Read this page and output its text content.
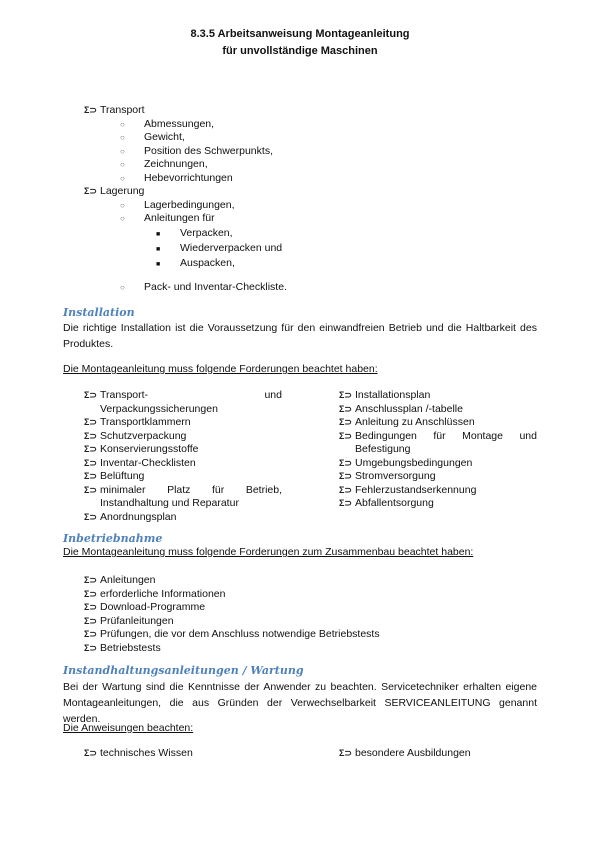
8.3.5 Arbeitsanweisung Montageanleitung
für unvollständige Maschinen
Σ⊃ Transport
○ Abmessungen,
○ Gewicht,
○ Position des Schwerpunkts,
○ Zeichnungen,
○ Hebevorrichtungen
Σ⊃ Lagerung
○ Lagerbedingungen,
○ Anleitungen für
■ Verpacken,
■ Wiederverpacken und
■ Auspacken,
○ Pack- und Inventar-Checkliste.
Installation
Die richtige Installation ist die Voraussetzung für den einwandfreien Betrieb und die Haltbarkeit des Produktes.
Die Montageanleitung muss folgende Forderungen beachtet haben:
Σ⊃ Transport-	und
Verpackungssicherungen
Σ⊃ Transportklammern
Σ⊃ Schutzverpackung
Σ⊃ Konservierungsstoffe
Σ⊃ Inventar-Checklisten
Σ⊃ Belüftung
Σ⊃ minimaler Platz für Betrieb,
Instandhaltung und Reparatur
Σ⊃ Anordnungsplan
Σ⊃ Installationsplan
Σ⊃ Anschlussplan /-tabelle
Σ⊃ Anleitung zu Anschlüssen
Σ⊃ Bedingungen für Montage und
Befestigung
Σ⊃ Umgebungsbedingungen
Σ⊃ Stromversorgung
Σ⊃ Fehlerzustandserkennung
Σ⊃ Abfallentsorgung
Inbetriebnahme
Die Montageanleitung muss folgende Forderungen zum Zusammenbau beachtet haben:
Σ⊃ Anleitungen
Σ⊃ erforderliche Informationen
Σ⊃ Download-Programme
Σ⊃ Prüfanleitungen
Σ⊃ Prüfungen, die vor dem Anschluss notwendige Betriebstests
Σ⊃ Betriebstests
Instandhaltungsanleitungen / Wartung
Bei der Wartung sind die Kenntnisse der Anwender zu beachten. Servicetechniker erhalten eigene Montageanleitungen, die aus Gründen der Verwechselbarkeit SERVICEANLEITUNG genannt werden.
Die Anweisungen beachten:
Σ⊃ technisches Wissen	Σ⊃ besondere Ausbildungen
